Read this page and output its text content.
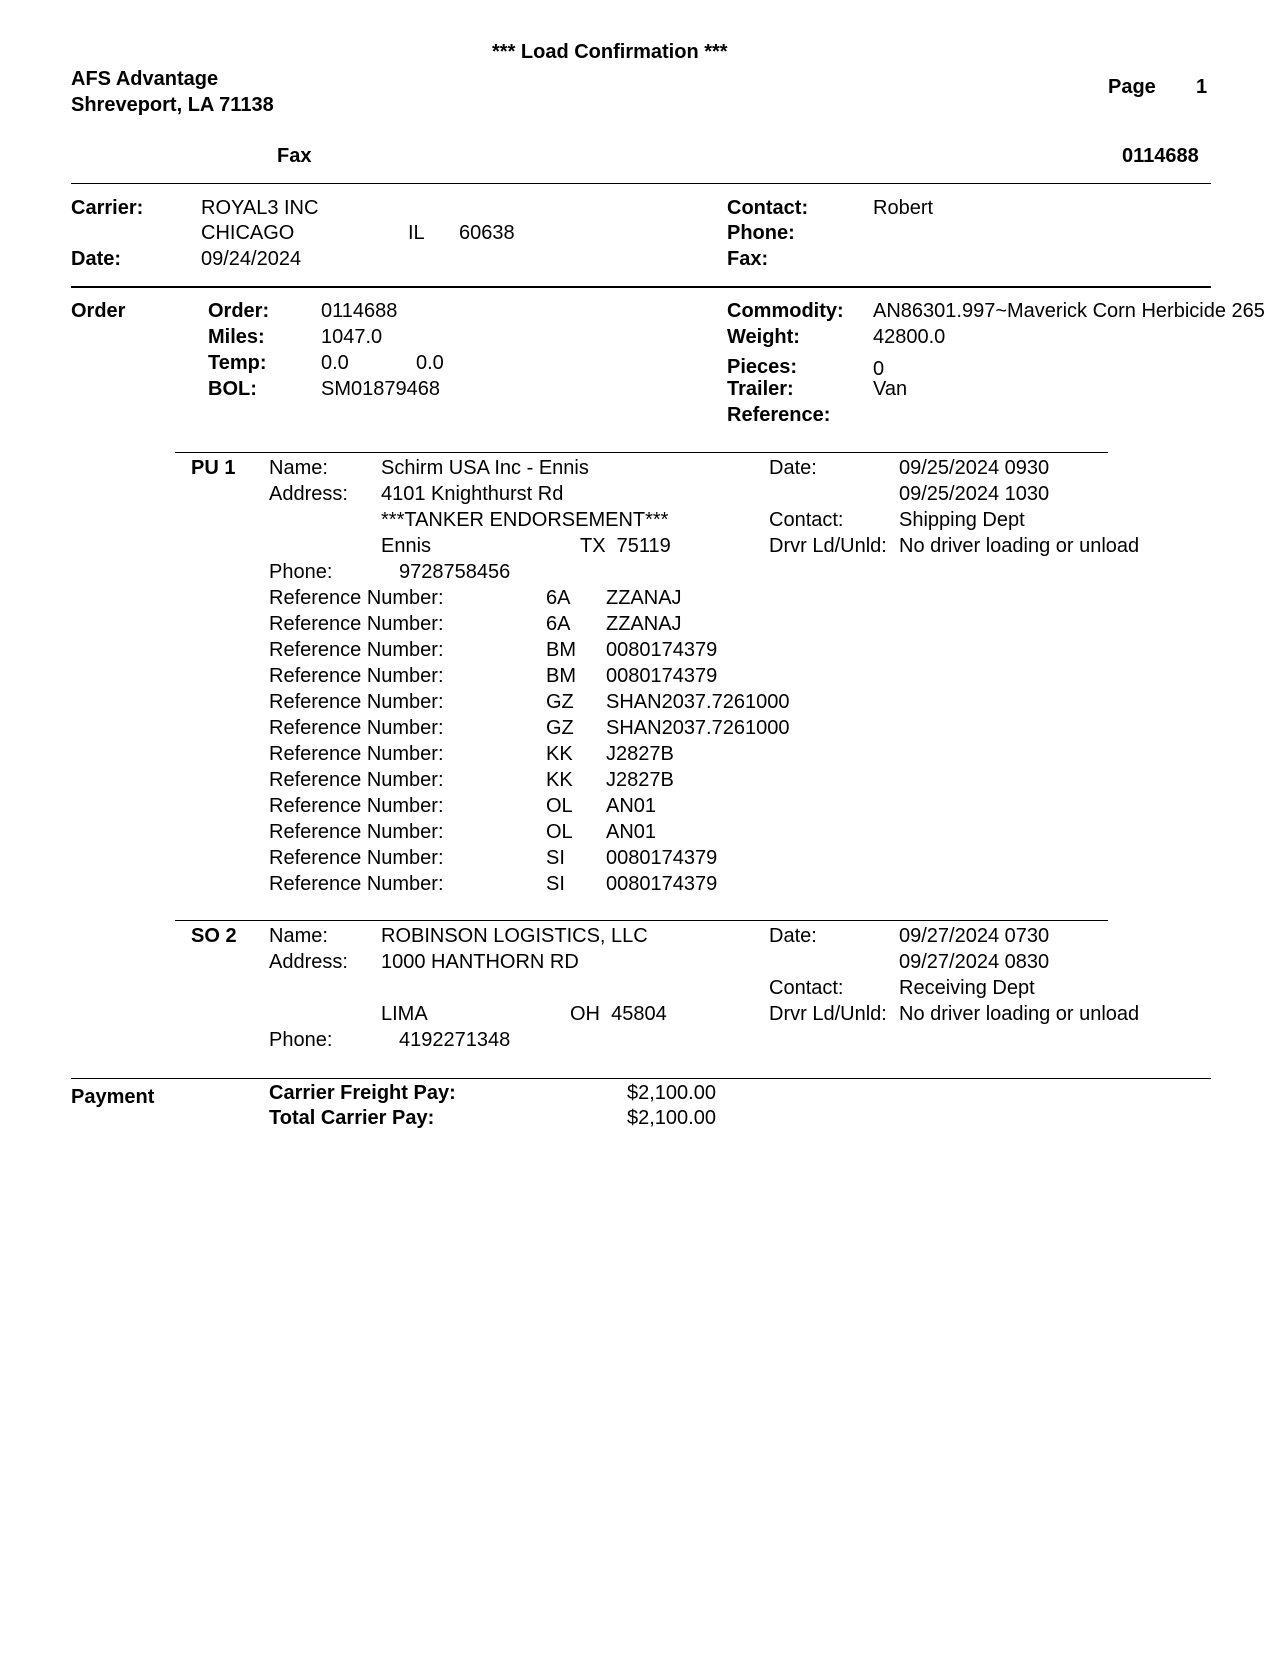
*** Load Confirmation ***
AFS Advantage
Shreveport, LA 71138
Page 1
Fax	0114688
Carrier:	ROYAL3 INC
CHICAGO	IL 60638
Date:	09/24/2024
Contact:	Robert
Phone:
Fax:
Order	Order:	0114688
Miles:	1047.0
Temp:	0.0	0.0
BOL:	SM01879468
Commodity: AN86301.997~Maverick Corn Herbicide 265
Weight:	42800.0
Pieces:	0
Trailer:	Van
Reference:
PU 1 Name:	Schirm USA Inc - Ennis
Address: 4101 Knighthurst Rd
***TANKER ENDORSEMENT***
Ennis	TX  75119
Phone:	9728758456
Date:	09/25/2024 0930
09/25/2024 1030
Contact:	Shipping Dept
Drvr Ld/Unld: No driver loading or unload
Reference Number:	6A ZZANAJ
Reference Number:	6A ZZANAJ
Reference Number:	BM 0080174379
Reference Number:	BM 0080174379
Reference Number:	GZ SHAN2037.7261000
Reference Number:	GZ SHAN2037.7261000
Reference Number:	KK J2827B
Reference Number:	KK J2827B
Reference Number:	OL AN01
Reference Number:	OL AN01
Reference Number:	SI 0080174379
Reference Number:	SI 0080174379
SO 2 Name:	ROBINSON LOGISTICS, LLC
Address: 1000 HANTHORN RD
LIMA	OH  45804
Phone:	4192271348
Date:	09/27/2024 0730
09/27/2024 0830
Contact:	Receiving Dept
Drvr Ld/Unld: No driver loading or unload
Payment	Carrier Freight Pay:	$2,100.00
Total Carrier Pay:	$2,100.00
